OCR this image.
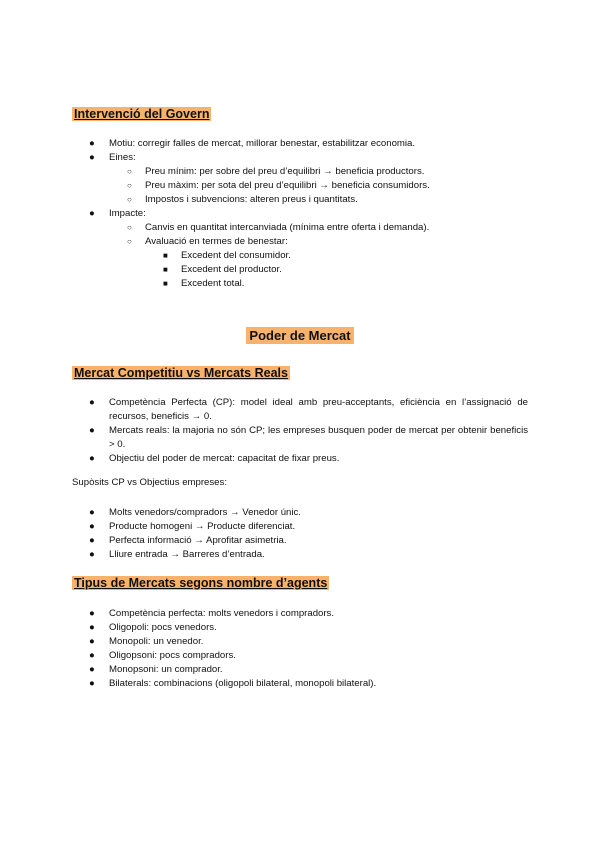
Intervenció del Govern
● Motiu: corregir falles de mercat, millorar benestar, estabilitzar economia.
● Eines:
○ Preu mínim: per sobre del preu d’equilibri → beneficia productors.
○ Preu màxim: per sota del preu d’equilibri → beneficia consumidors.
○ Impostos i subvencions: alteren preus i quantitats.
● Impacte:
○ Canvis en quantitat intercanviada (mínima entre oferta i demanda).
○ Avaluació en termes de benestar:
■ Excedent del consumidor.
■ Excedent del productor.
■ Excedent total.
Poder de Mercat
Mercat Competitiu vs Mercats Reals
● Competència Perfecta (CP): model ideal amb preu-acceptants, eficiència en l’assignació de recursos, beneficis → 0.
● Mercats reals: la majoria no són CP; les empreses busquen poder de mercat per obtenir beneficis > 0.
● Objectiu del poder de mercat: capacitat de fixar preus.
Supòsits CP vs Objectius empreses:
● Molts venedors/compradors → Venedor únic.
● Producte homogeni → Producte diferenciat.
● Perfecta informació → Aprofitar asimetria.
● Lliure entrada → Barreres d’entrada.
Tipus de Mercats segons nombre d’agents
● Competència perfecta: molts venedors i compradors.
● Oligopoli: pocs venedors.
● Monopoli: un venedor.
● Oligopsoni: pocs compradors.
● Monopsoni: un comprador.
● Bilaterals: combinacions (oligopoli bilateral, monopoli bilateral).
